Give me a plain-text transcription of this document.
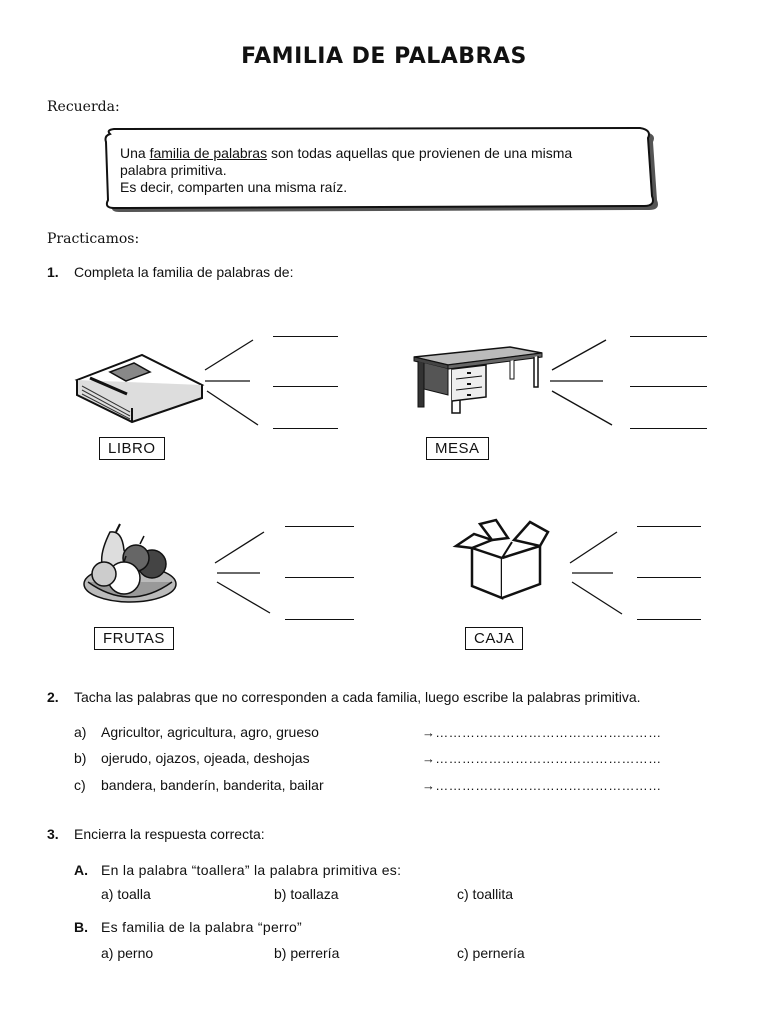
FAMILIA DE PALABRAS
Recuerda:
Una familia de palabras son todas aquellas que provienen de una misma
palabra primitiva.
Es decir, comparten una misma raíz.
Practicamos:
1. Completa la familia de palabras de:
LIBRO	MESA
FRUTAS	CAJA
2. Tacha las palabras que no corresponden a cada familia, luego escribe la palabras primitiva.
a) Agricultor, agricultura, agro, grueso	→……………………………………………
b) ojerudo, ojazos, ojeada, deshojas	→……………………………………………
c) bandera, banderín, banderita, bailar	→……………………………………………
3. Encierra la respuesta correcta:
A. En la palabra “toallera” la palabra primitiva es:
a) toalla	b) toallaza	c) toallita
B. Es familia de la palabra “perro”
a) perno	b) perrería	c) pernería
